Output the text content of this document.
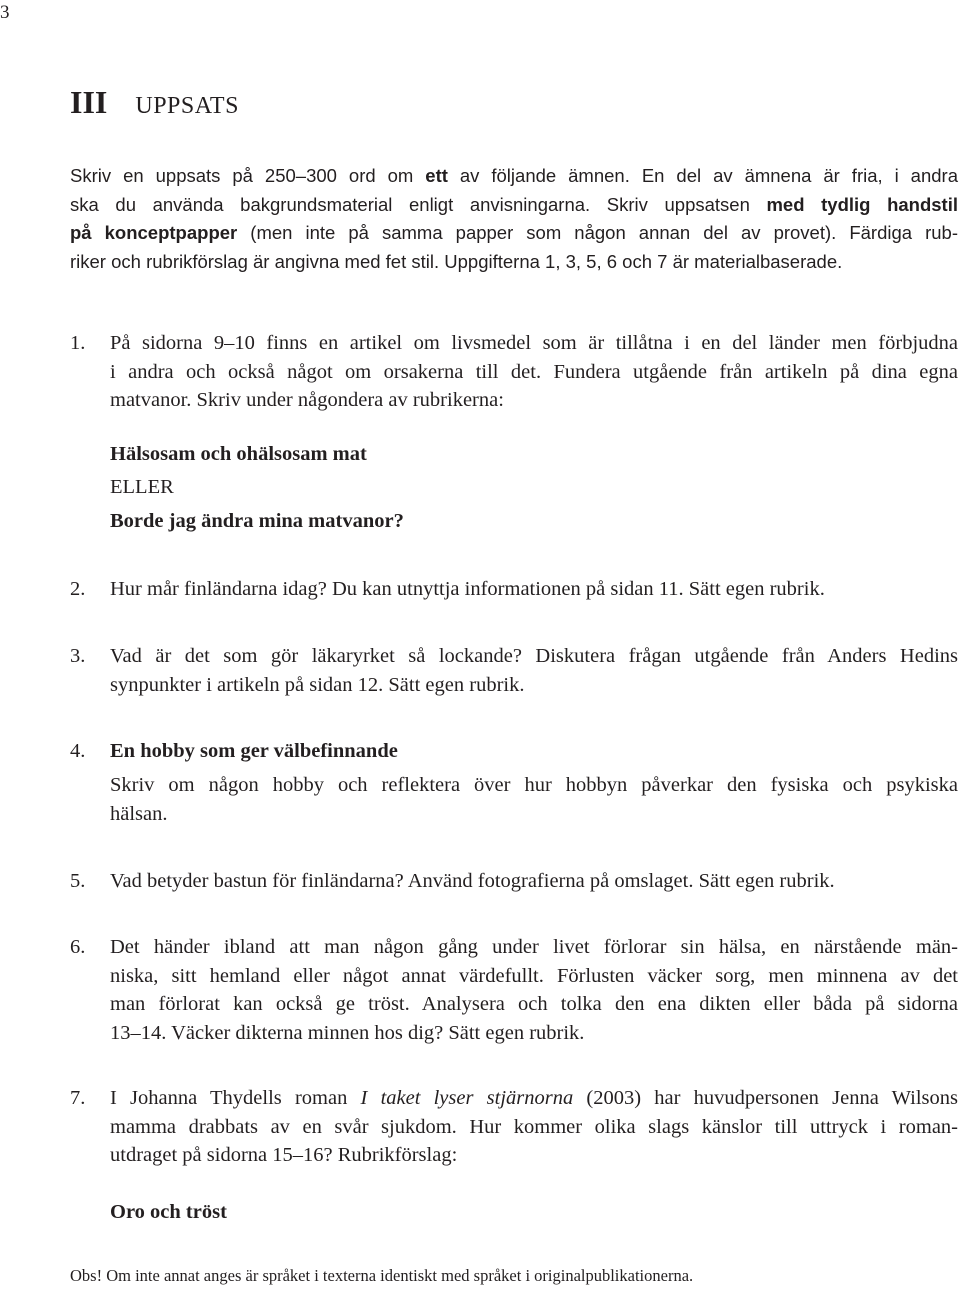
3
III UPPSATS
Skriv en uppsats på 250–300 ord om ett av följande ämnen. En del av ämnena är fria, i andra
ska du använda bakgrundsmaterial enligt anvisningarna. Skriv uppsatsen med tydlig handstil
på konceptpapper (men inte på samma papper som någon annan del av provet). Färdiga rub-
riker och rubrikförslag är angivna med fet stil. Uppgifterna 1, 3, 5, 6 och 7 är materialbaserade.
1. På sidorna 9–10 finns en artikel om livsmedel som är tillåtna i en del länder men förbjudna
i andra och också något om orsakerna till det. Fundera utgående från artikeln på dina egna
matvanor. Skriv under någondera av rubrikerna:
Hälsosam och ohälsosam mat
ELLER
Borde jag ändra mina matvanor?
2. Hur mår finländarna idag? Du kan utnyttja informationen på sidan 11. Sätt egen rubrik.
3. Vad är det som gör läkaryrket så lockande? Diskutera frågan utgående från Anders Hedins
synpunkter i artikeln på sidan 12. Sätt egen rubrik.
4. En hobby som ger välbefinnande
Skriv om någon hobby och reflektera över hur hobbyn påverkar den fysiska och psykiska
hälsan.
5. Vad betyder bastun för finländarna? Använd fotografierna på omslaget. Sätt egen rubrik.
6. Det händer ibland att man någon gång under livet förlorar sin hälsa, en närstående män-
niska, sitt hemland eller något annat värdefullt. Förlusten väcker sorg, men minnena av det
man förlorat kan också ge tröst. Analysera och tolka den ena dikten eller båda på sidorna
13–14. Väcker dikterna minnen hos dig? Sätt egen rubrik.
7. I Johanna Thydells roman I taket lyser stjärnorna (2003) har huvudpersonen Jenna Wilsons
mamma drabbats av en svår sjukdom. Hur kommer olika slags känslor till uttryck i roman-
utdraget på sidorna 15–16? Rubrikförslag:
Oro och tröst
Obs! Om inte annat anges är språket i texterna identiskt med språket i originalpublikationerna.
